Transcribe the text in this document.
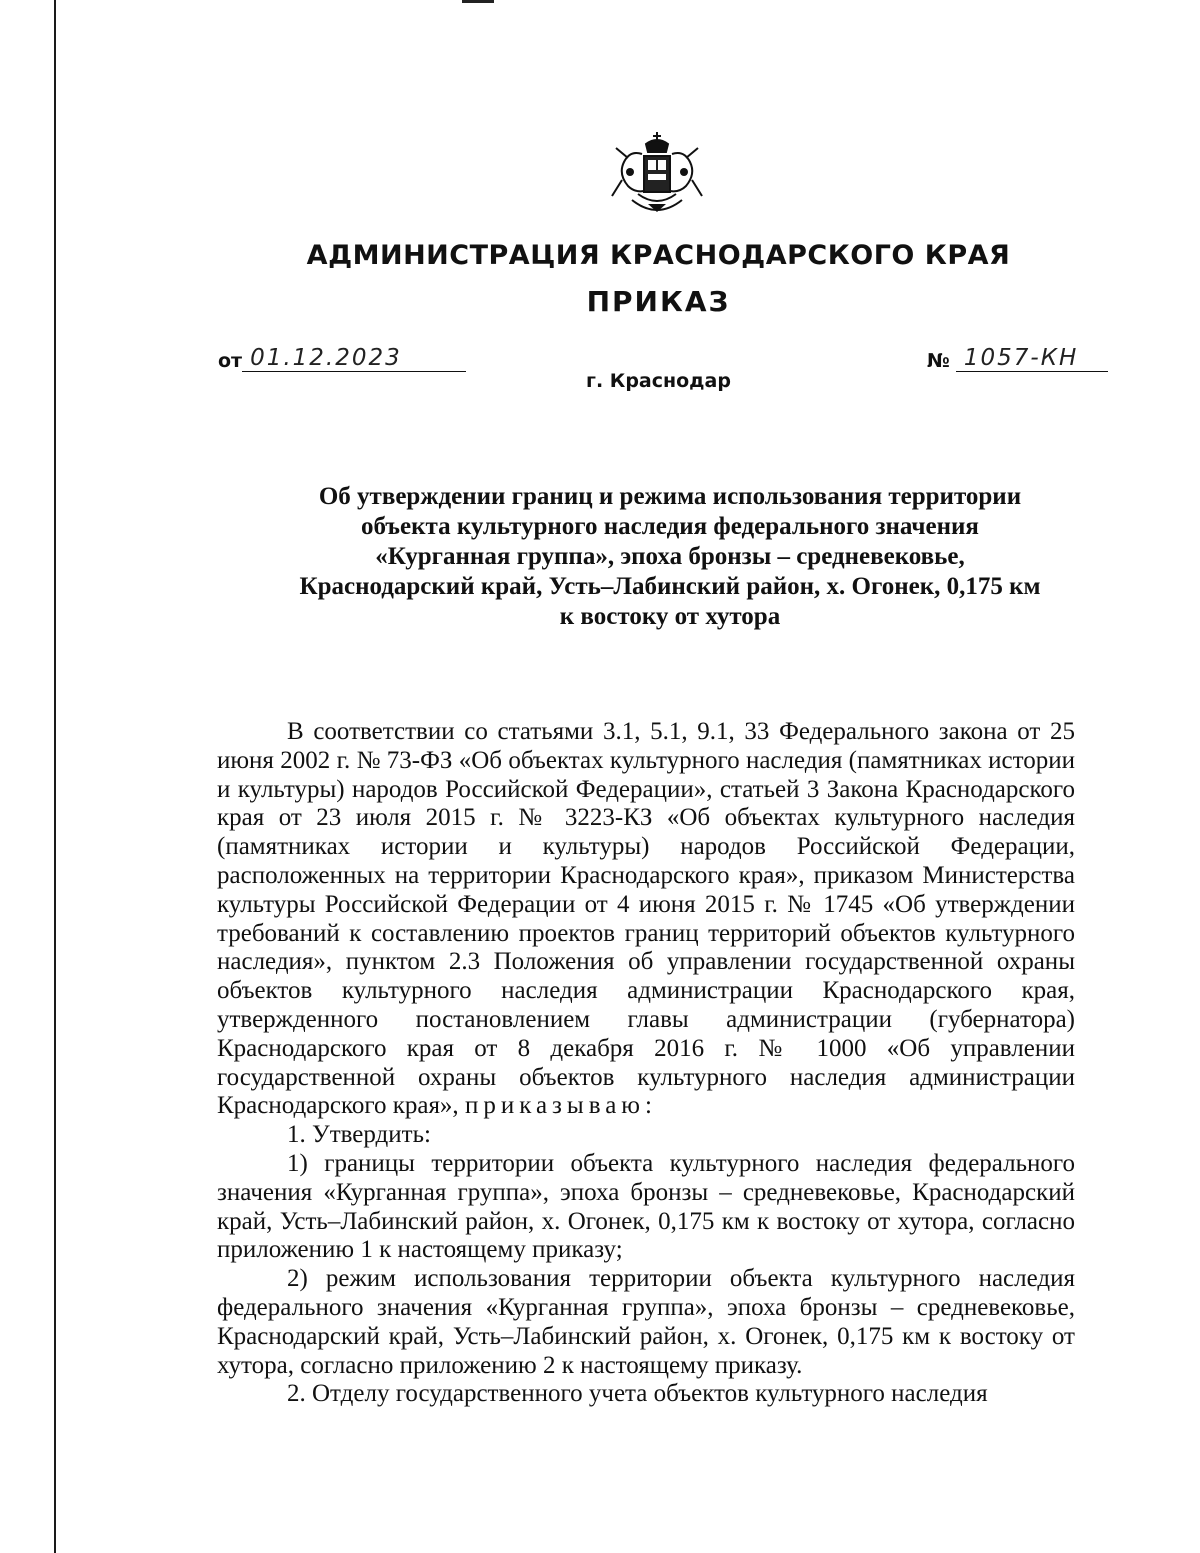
АДМИНИСТРАЦИЯ КРАСНОДАРСКОГО КРАЯ
ПРИКАЗ
от 01.12.2023	№ 1057-КН
г. Краснодар
Об утверждении границ и режима использования территории
объекта культурного наследия федерального значения
«Курганная группа», эпоха бронзы – средневековье,
Краснодарский край, Усть–Лабинский район, х. Огонек, 0,175 км
к востоку от хутора

В соответствии со статьями 3.1, 5.1, 9.1, 33 Федерального закона от 25 июня 2002 г. № 73-ФЗ «Об объектах культурного наследия (памятниках истории и культуры) народов Российской Федерации», статьей 3 Закона Краснодарского края от 23 июля 2015 г. № 3223-КЗ «Об объектах культурного наследия (памятниках истории и культуры) народов Российской Федерации, расположенных на территории Краснодарского края», приказом Министерства культуры Российской Федерации от 4 июня 2015 г. № 1745 «Об утверждении требований к составлению проектов границ территорий объектов культурного наследия», пунктом 2.3 Положения об управлении государственной охраны объектов культурного наследия администрации Краснодарского края, утвержденного постановлением главы администрации (губернатора) Краснодарского края от 8 декабря 2016 г. № 1000 «Об управлении государственной охраны объектов культурного наследия администрации Краснодарского края», приказываю:

1. Утвердить:

1) границы территории объекта культурного наследия федерального значения «Курганная группа», эпоха бронзы – средневековье, Краснодарский край, Усть–Лабинский район, х. Огонек, 0,175 км к востоку от хутора, согласно приложению 1 к настоящему приказу;

2) режим использования территории объекта культурного наследия федерального значения «Курганная группа», эпоха бронзы – средневековье, Краснодарский край, Усть–Лабинский район, х. Огонек, 0,175 км к востоку от хутора, согласно приложению 2 к настоящему приказу.

2. Отделу государственного учета объектов культурного наследия
